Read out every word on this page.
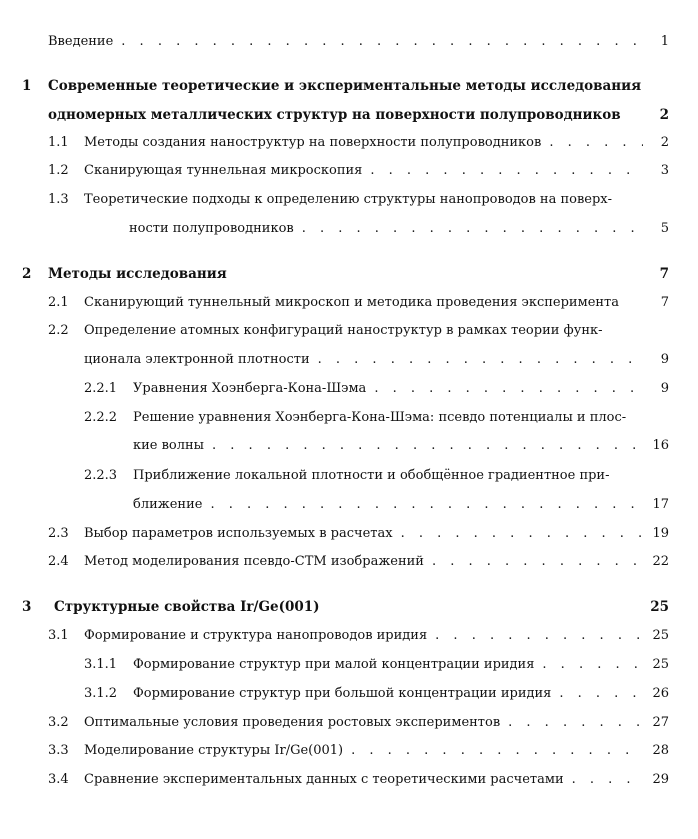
Введение . . .	1
1 Современные теоретические и экспериментальные методы исследования
одномерных металлических структур на поверхности полупроводников	2
1.1 Методы создания наноструктур на поверхности полупроводников . . .	2
1.2 Сканирующая туннельная микроскопия . . .	3
1.3 Теоретические подходы к определению структуры нанопроводов на поверх-
ности полупроводников . . .	5
2 Методы исследования	7
2.1 Сканирующий туннельный микроскоп и методика проведения эксперимента	7
2.2 Определение атомных конфигураций наноструктур в рамках теории функ-
ционала электронной плотности . . .	9
2.2.1 Уравнения Хоэнберга-Кона-Шэма . . .	9
2.2.2 Решение уравнения Хоэнберга-Кона-Шэма: псевдо потенциалы и плос-
кие волны . . .	16
2.2.3 Приближение локальной плотности и обобщённое градиентное при-
ближение . . .	17
2.3 Выбор параметров используемых в расчетах . . .	19
2.4 Метод моделирования псевдо-СТМ изображений . . .	22
3 Структурные свойства Ir/Ge(001)	25
3.1 Формирование и структура нанопроводов иридия . . .	25
3.1.1 Формирование структур при малой концентрации иридия . . .	25
3.1.2 Формирование структур при большой концентрации иридия . . .	26
3.2 Оптимальные условия проведения ростовых экспериментов . . .	27
3.3 Моделирование структуры Ir/Ge(001) . . .	28
3.4 Сравнение экспериментальных данных с теоретическими расчетами . . .	29
